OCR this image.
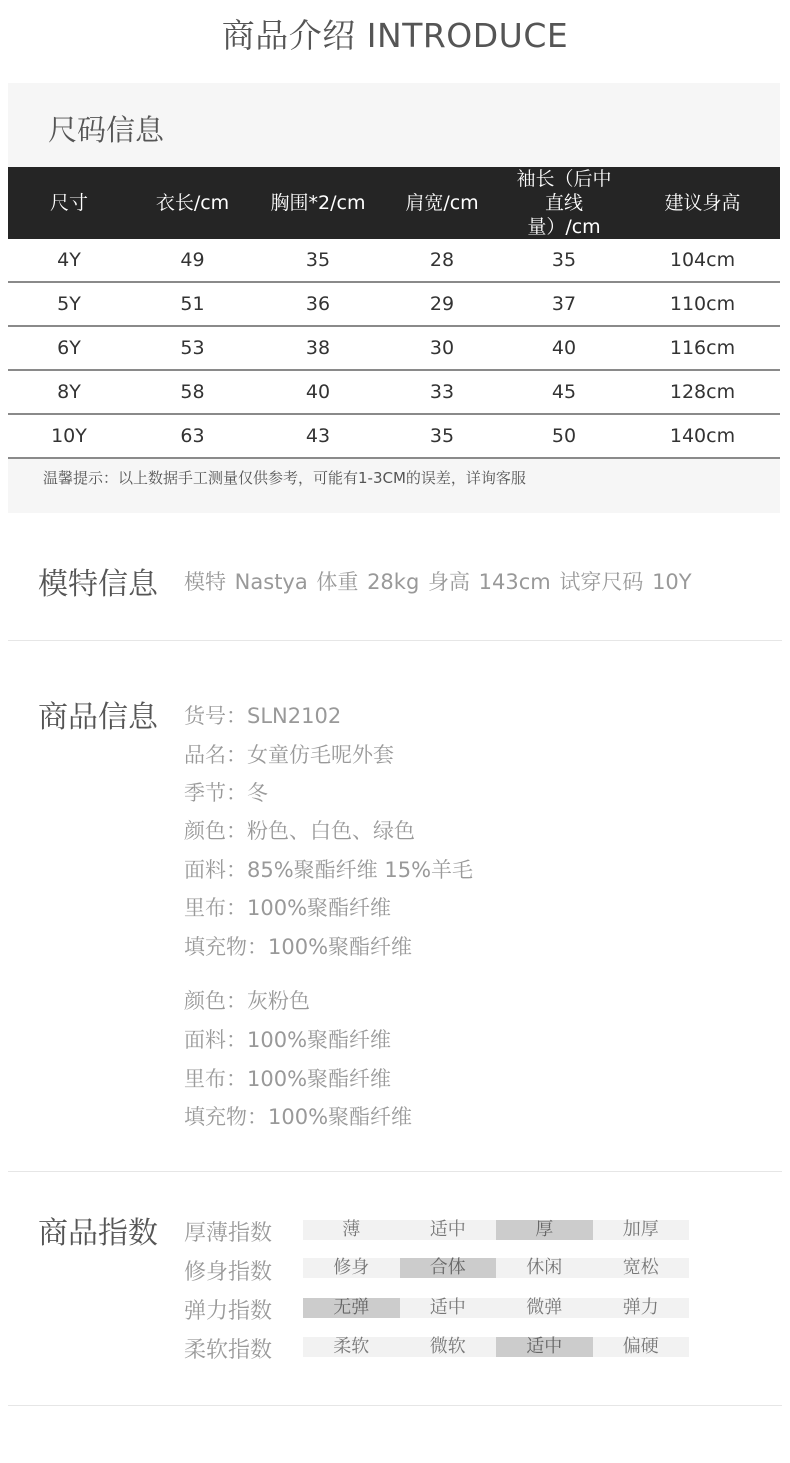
商品介绍 INTRODUCE
尺码信息
尺寸	衣长/cm	胸围*2/cm	肩宽/cm	袖长（后中直线量）/cm	建议身高
4Y	49	35	28	35	104cm
5Y	51	36	29	37	110cm
6Y	53	38	30	40	116cm
8Y	58	40	33	45	128cm
10Y	63	43	35	50	140cm
温馨提示：以上数据手工测量仅供参考，可能有1-3CM的误差，详询客服
模特信息 模特 Nastya 体重 28kg 身高 143cm 试穿尺码 10Y
商品信息 货号：SLN2102
品名：女童仿毛呢外套
季节：冬
颜色：粉色、白色、绿色
面料：85%聚酯纤维 15%羊毛
里布：100%聚酯纤维
填充物：100%聚酯纤维
颜色：灰粉色
面料：100%聚酯纤维
里布：100%聚酯纤维
填充物：100%聚酯纤维
商品指数 厚薄指数	薄	适中	厚	加厚
修身指数	修身	合体	休闲	宽松
弹力指数	无弹	适中	微弹	弹力
柔软指数	柔软	微软	适中	偏硬
